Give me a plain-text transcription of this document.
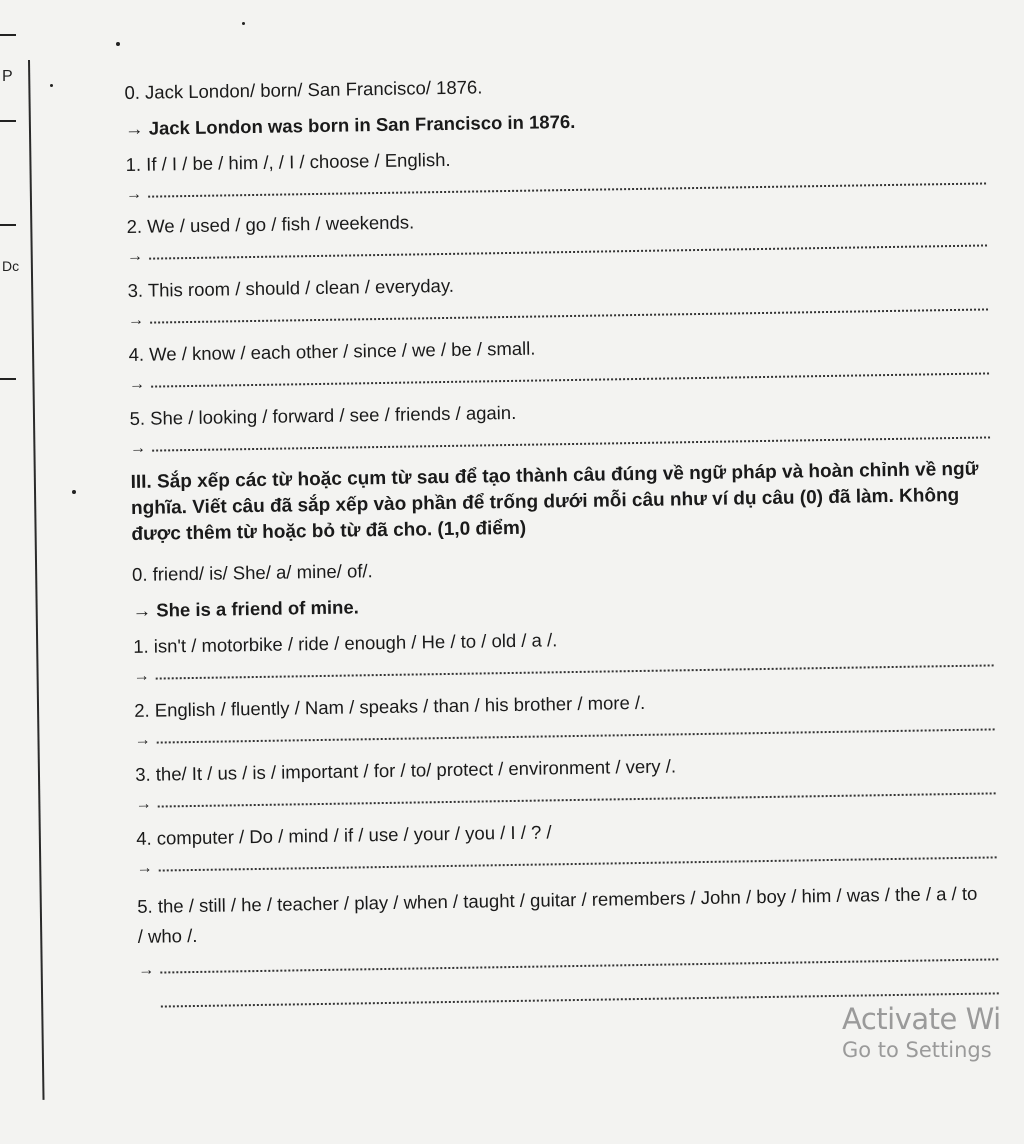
P
Dc
0. Jack London/ born/ San Francisco/ 1876.
→ Jack London was born in San Francisco in 1876.
1. If / I / be / him /, / I / choose / English.
→
2. We / used / go / fish / weekends.
→
3. This room / should / clean / everyday.
→
4. We / know / each other / since / we / be / small.
→
5. She / looking / forward / see / friends / again.
→
III. Sắp xếp các từ hoặc cụm từ sau để tạo thành câu đúng về ngữ pháp và hoàn chỉnh về ngữ nghĩa. Viết câu đã sắp xếp vào phần để trống dưới mỗi câu như ví dụ câu (0) đã làm. Không được thêm từ hoặc bỏ từ đã cho. (1,0 điểm)
0. friend/ is/ She/ a/ mine/ of/.
→ She is a friend of mine.
1. isn't / motorbike / ride / enough / He / to / old / a /.
→
2. English / fluently / Nam / speaks / than / his brother / more /.
→
3. the/ It / us / is / important / for / to/ protect / environment / very /.
→
4. computer / Do / mind / if / use / your / you / I / ? /
→
5. the / still / he / teacher / play / when / taught / guitar / remembers / John / boy / him / was / the / a / to / who /.
→
Activate Wi
Go to Settings
